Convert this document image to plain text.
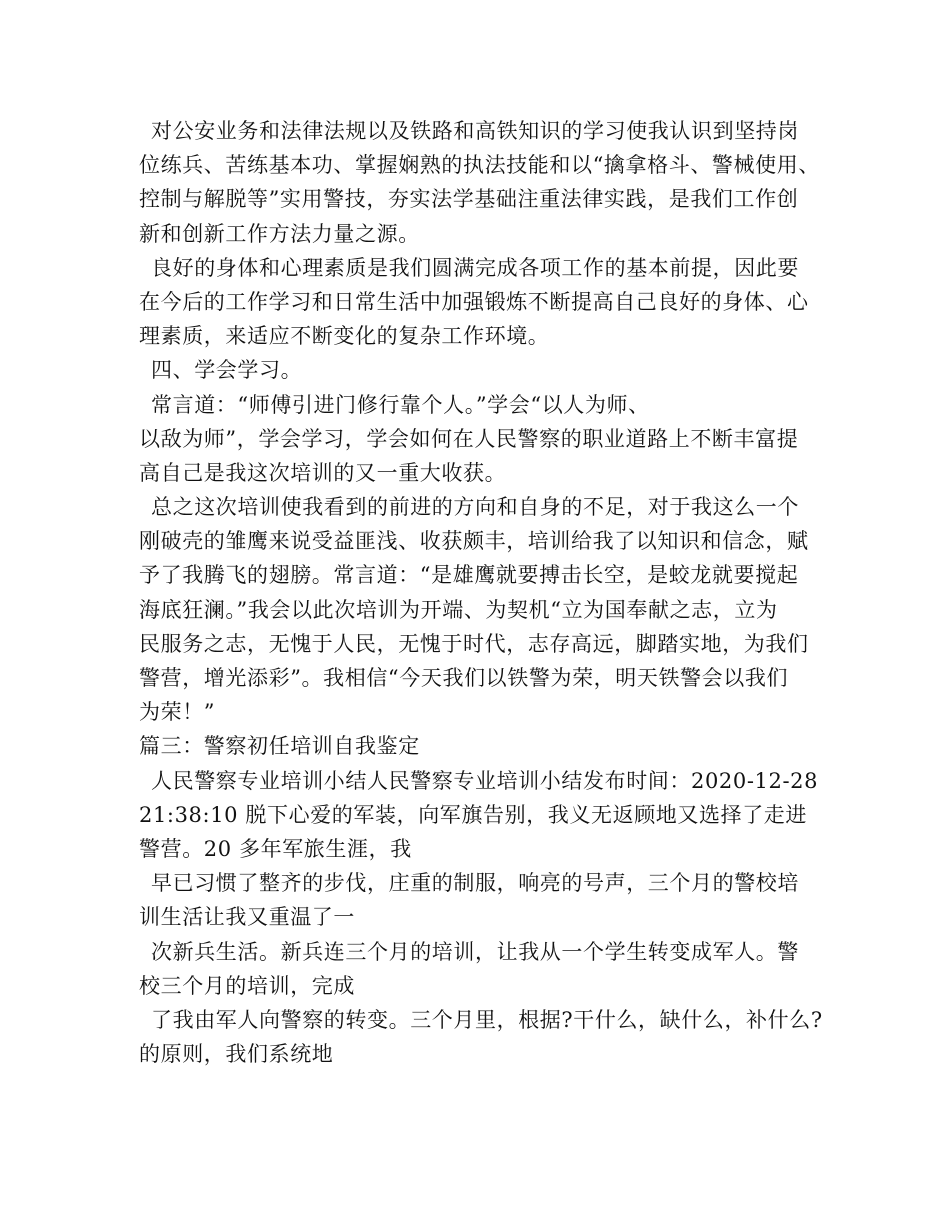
对公安业务和法律法规以及铁路和高铁知识的学习使我认识到坚持岗
位练兵、苦练基本功、掌握娴熟的执法技能和以“擒拿格斗、警械使用、
控制与解脱等”实用警技，夯实法学基础注重法律实践，是我们工作创
新和创新工作方法力量之源。
良好的身体和心理素质是我们圆满完成各项工作的基本前提，因此要
在今后的工作学习和日常生活中加强锻炼不断提高自己良好的身体、心
理素质，来适应不断变化的复杂工作环境。
四、学会学习。
常言道：“师傅引进门修行靠个人。”学会“以人为师、
以敌为师”，学会学习，学会如何在人民警察的职业道路上不断丰富提
高自己是我这次培训的又一重大收获。
总之这次培训使我看到的前进的方向和自身的不足，对于我这么一个
刚破壳的雏鹰来说受益匪浅、收获颇丰，培训给我了以知识和信念，赋
予了我腾飞的翅膀。常言道：“是雄鹰就要搏击长空，是蛟龙就要搅起
海底狂澜。”我会以此次培训为开端、为契机“立为国奉献之志，立为
民服务之志，无愧于人民，无愧于时代，志存高远，脚踏实地，为我们
警营，增光添彩”。我相信“今天我们以铁警为荣，明天铁警会以我们
为荣！”
篇三：警察初任培训自我鉴定
人民警察专业培训小结人民警察专业培训小结发布时间：2020-12-28
21:38:10 脱下心爱的军装，向军旗告别，我义无返顾地又选择了走进
警营。20 多年军旅生涯，我
早已习惯了整齐的步伐，庄重的制服，响亮的号声，三个月的警校培
训生活让我又重温了一
次新兵生活。新兵连三个月的培训，让我从一个学生转变成军人。警
校三个月的培训，完成
了我由军人向警察的转变。三个月里，根据?干什么，缺什么，补什么?
的原则，我们系统地
